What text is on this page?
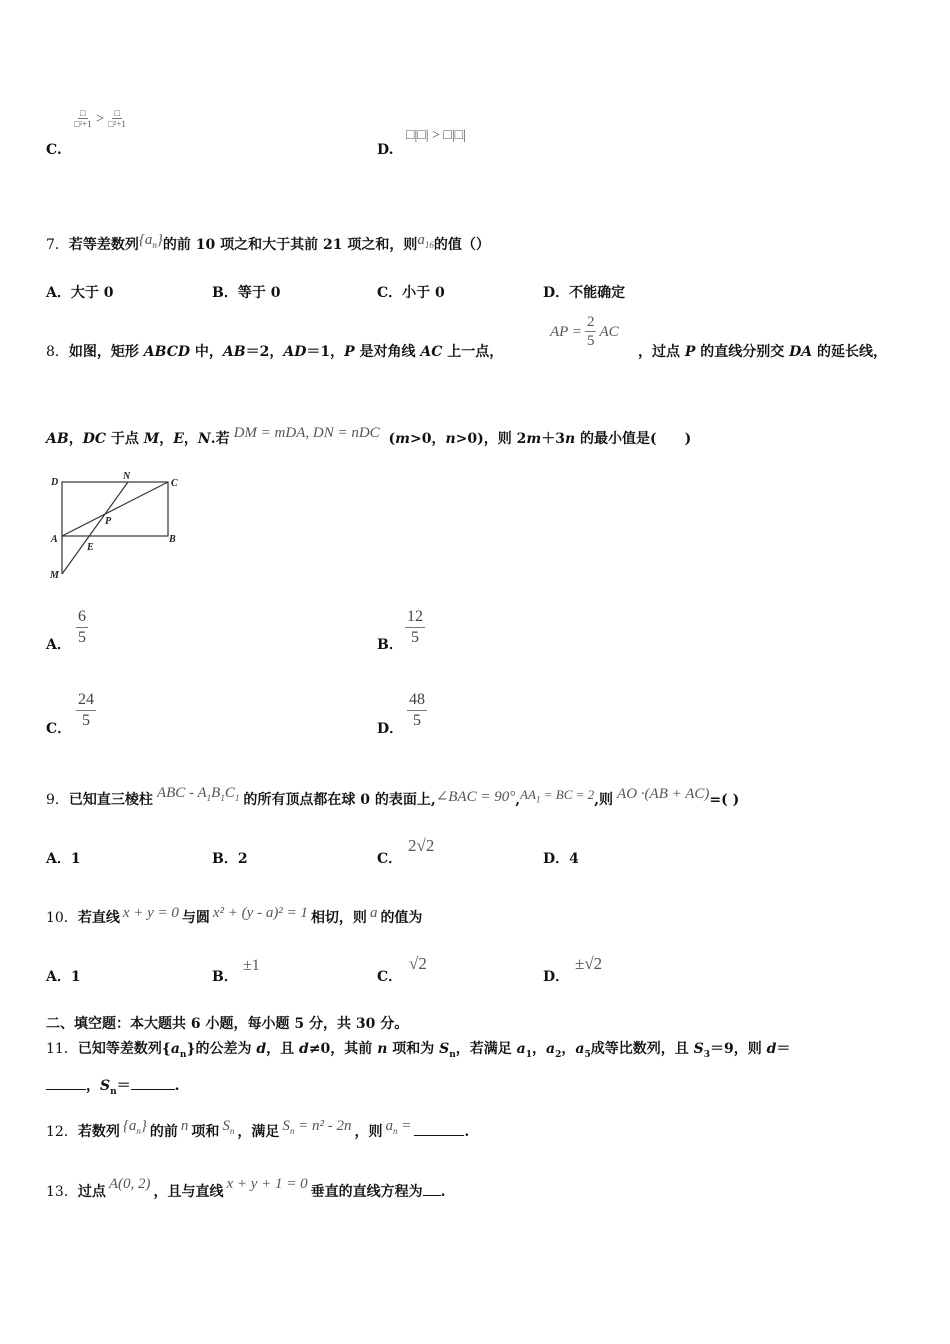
C.
□
□²+1 > □
□²+1
D.
□|□| > □|□|
7．若等差数列$\{a_n\}$的前 10 项之和大于其前 21 项之和，则$a_{16}$的值（）
A．大于 0	B．等于 0	C．小于 0	D．不能确定
8．如图，矩形 ABCD 中，AB＝2，AD＝1，P 是对角线 AC 上一点，
AP = $\frac{2}{5}$ AC
，过点 P 的直线分别交 DA 的延长线，
AB，DC 于点 M，E，N.若 DM = mDA, DN = nDC (m>0，n>0)，则 2m＋3n 的最小值是(　　)
D
N
C
P
A
E
B
M
A． $\frac{6}{5}$	B． $\frac{12}{5}$
C． $\frac{24}{5}$	D． $\frac{48}{5}$
9．已知直三棱柱 ABC - $A_1B_1C_1$ 的所有顶点都在球 0 的表面上,∠BAC = $90^\circ,AA_1$ = BC = 2,则 AO ·(AB + AC)=( )
A．1	B．2	C．
2√2
D．4
10．若直线 x + y = 0 与圆 x² + (y - a)² = 1 相切，则 a 的值为
A．1	B．
±1
C．
√2
D．
±√2
二、填空题：本大题共 6 小题，每小题 5 分，共 30 分。
11．已知等差数列$\{a_n\}$的公差为 d，且 d≠0，其前 n 项和为 $S_n$，若满足 $a_1$，$a_2$，$a_5$成等比数列，且 $S_3=9$，则 d＝
，$S_n=$	.
12．若数列 $\{a_n\}$ 的前 n 项和 $S_n$ ，满足 $S_n = n^2 - 2n$ ，则 $a_n$ =	.
13．过点 A(0, 2) ，且与直线 x + y + 1 = 0 垂直的直线方程为 .
